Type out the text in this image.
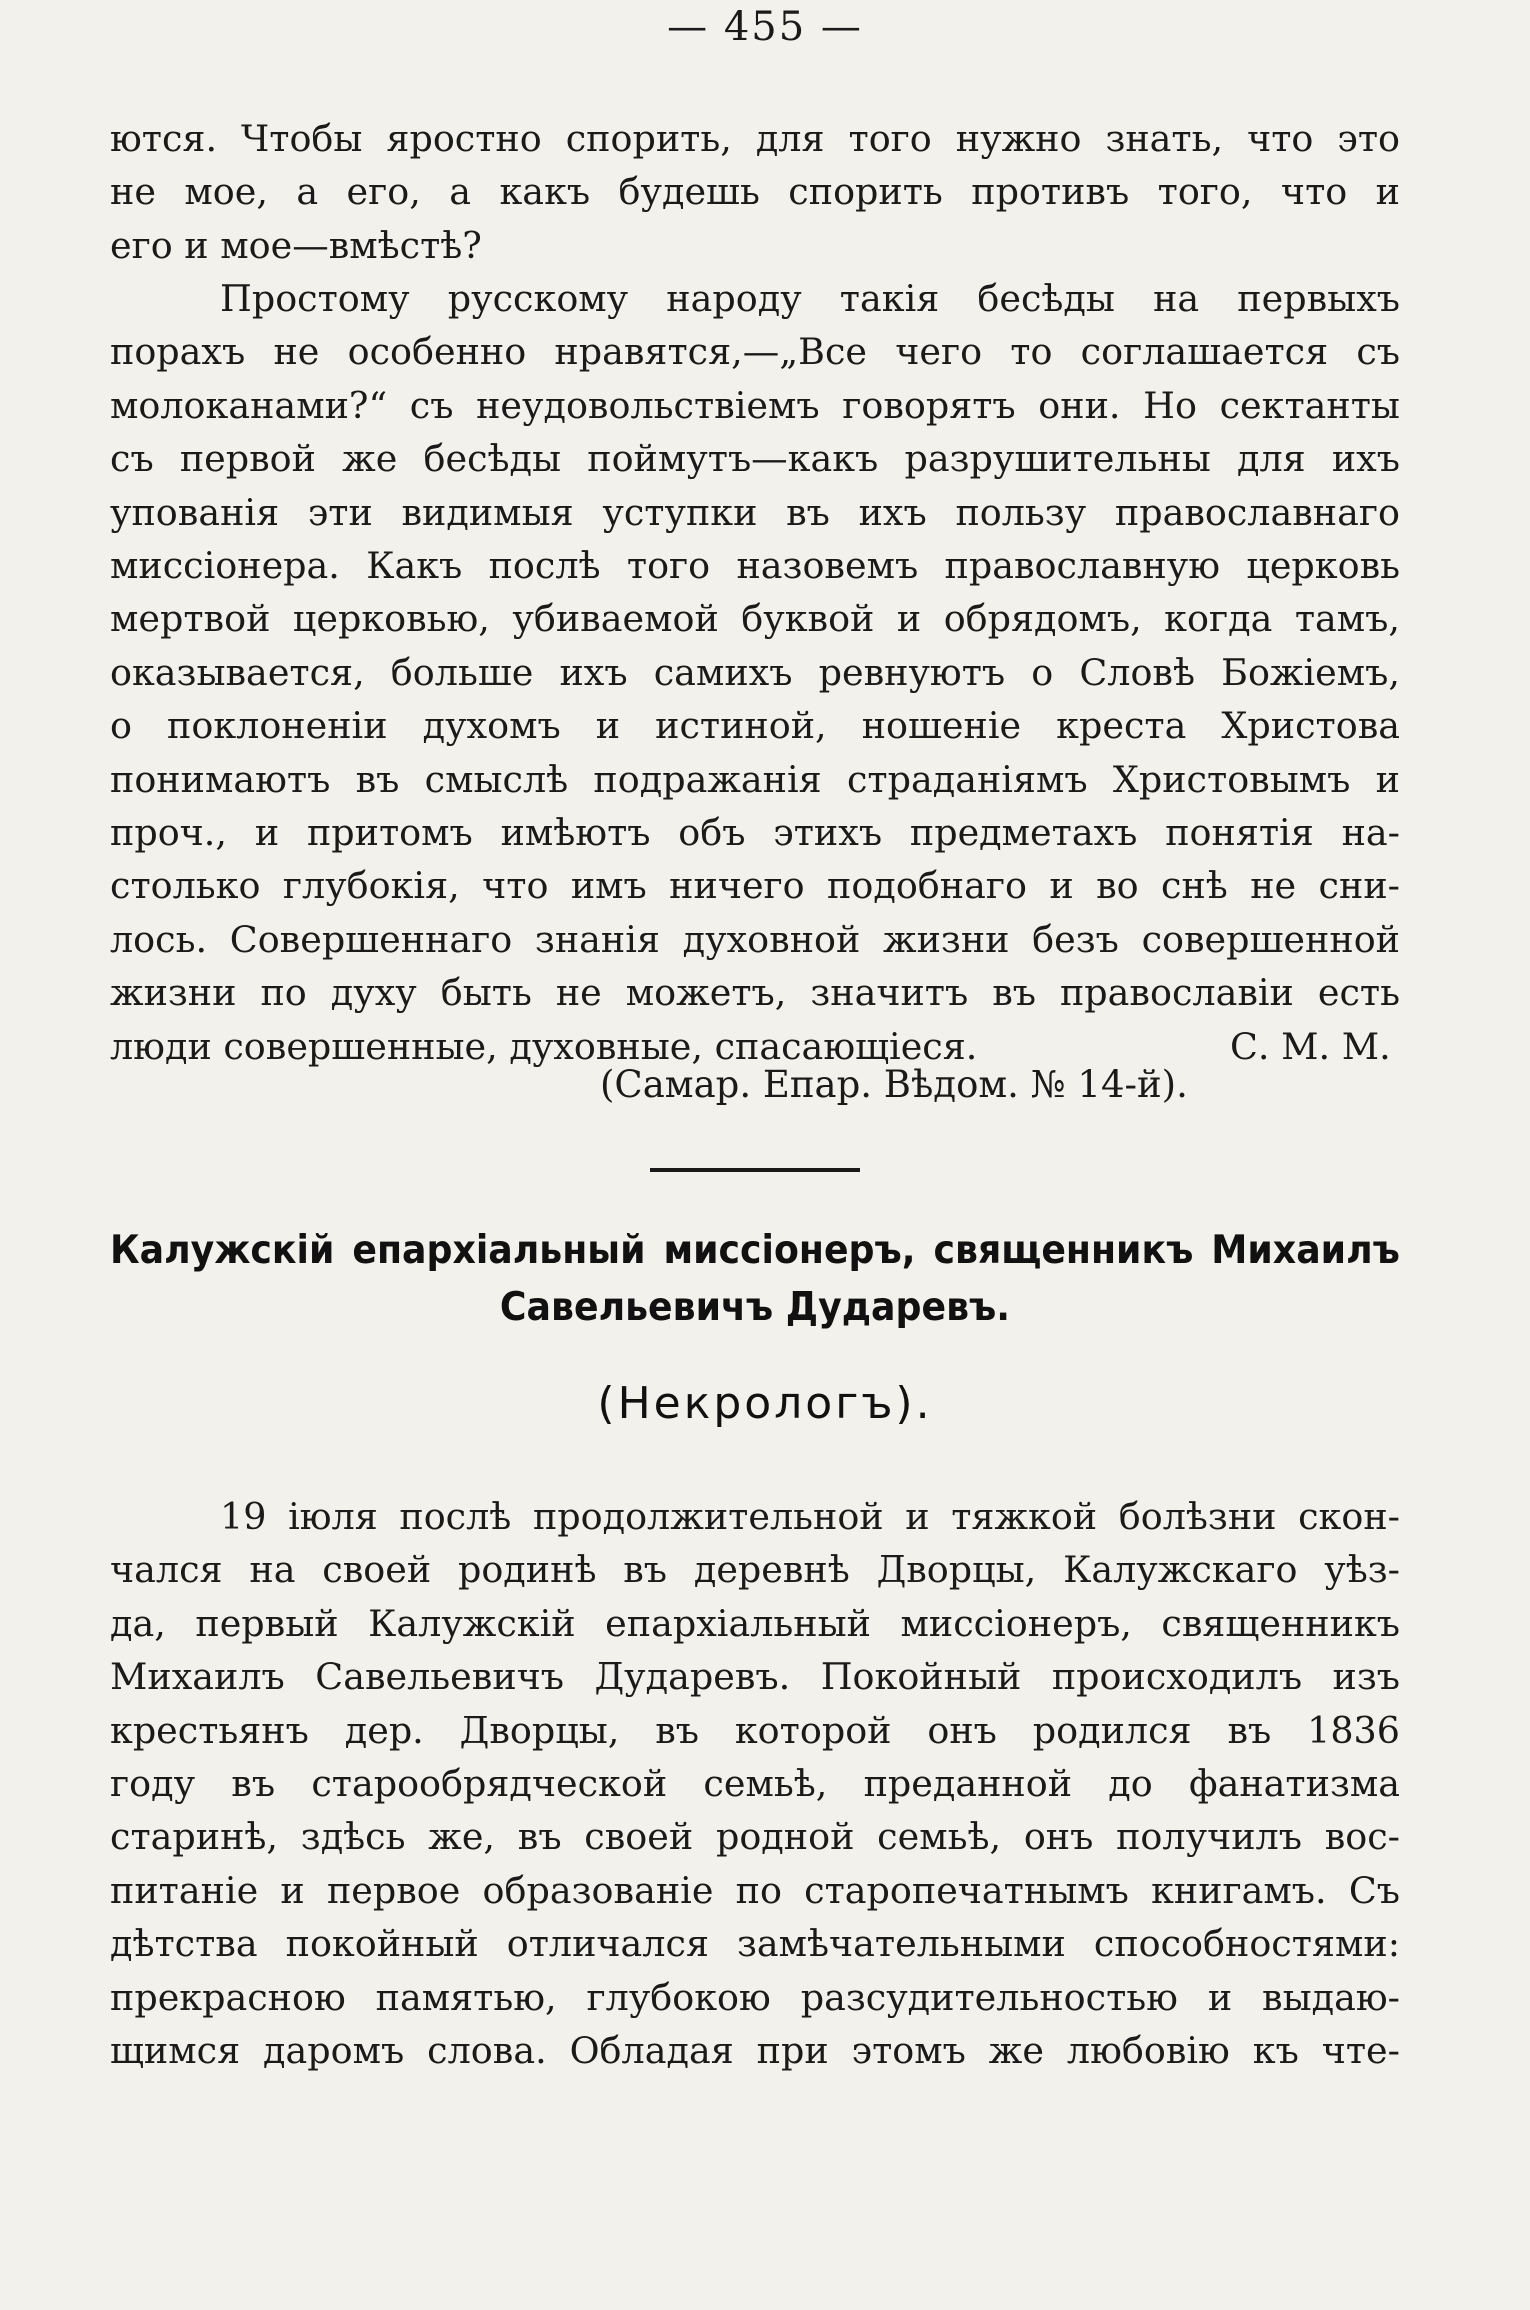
— 455 —
ются. Чтобы яростно спорить, для того нужно знать, что это
не мое, а его, а какъ будешь спорить противъ того, что и
его и мое—вмѣстѣ?
Простому русскому народу такія бесѣды на первыхъ
порахъ не особенно нравятся,—„Все чего то соглашается съ
молоканами?“ съ неудовольствіемъ говорятъ они. Но сектанты
съ первой же бесѣды поймутъ—какъ разрушительны для ихъ
упованія эти видимыя уступки въ ихъ пользу православнаго
миссіонера. Какъ послѣ того назовемъ православную церковь
мертвой церковью, убиваемой буквой и обрядомъ, когда тамъ,
оказывается, больше ихъ самихъ ревнуютъ о Словѣ Божіемъ,
о поклоненіи духомъ и истиной, ношеніе креста Христова
понимаютъ въ смыслѣ подражанія страданіямъ Христовымъ и
проч., и притомъ имѣютъ объ этихъ предметахъ понятія на-
столько глубокія, что имъ ничего подобнаго и во снѣ не сни-
лось. Совершеннаго знанія духовной жизни безъ совершенной
жизни по духу быть не можетъ, значитъ въ православіи есть
люди совершенные, духовные, спасающіеся.	С. М. М.
(Самар. Епар. Вѣдом. № 14-й).
Калужскій епархіальный миссіонеръ, священникъ Михаилъ
Савельевичъ Дударевъ.
(Некрологъ).
19 іюля послѣ продолжительной и тяжкой болѣзни скон-
чался на своей родинѣ въ деревнѣ Дворцы, Калужскаго уѣз-
да, первый Калужскій епархіальный миссіонеръ, священникъ
Михаилъ Савельевичъ Дударевъ. Покойный происходилъ изъ
крестьянъ дер. Дворцы, въ которой онъ родился въ 1836
году въ старообрядческой семьѣ, преданной до фанатизма
старинѣ, здѣсь же, въ своей родной семьѣ, онъ получилъ вос-
питаніе и первое образованіе по старопечатнымъ книгамъ. Съ
дѣтства покойный отличался замѣчательными способностями:
прекрасною памятью, глубокою разсудительностью и выдаю-
щимся даромъ слова. Обладая при этомъ же любовію къ чте-
